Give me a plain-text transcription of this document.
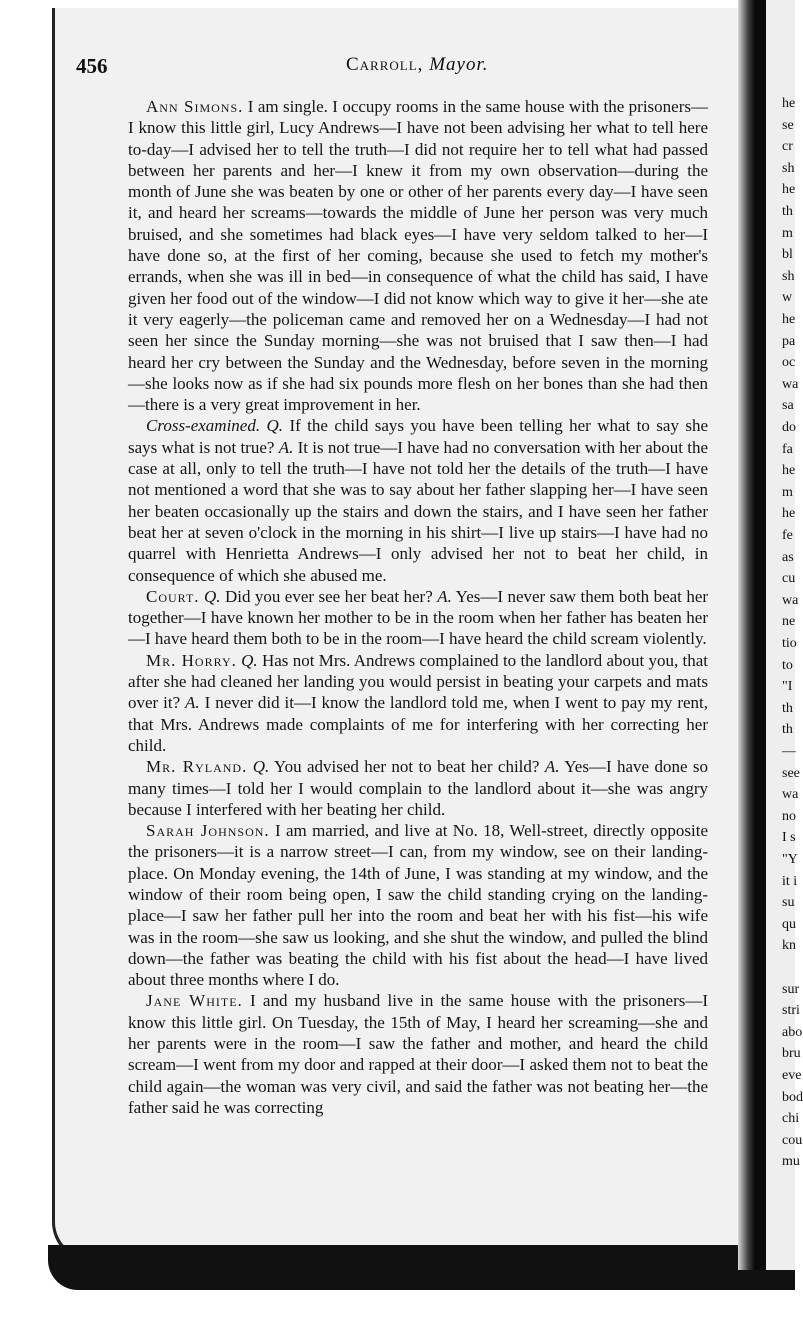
he
se
cr
sh
he
th
m
bl
sh
w
he
pa
oc
wa
sa
do
fa
he
m
he
fe
as
cu
wa
ne
tio
to
"I
th
th
—
see
wa
no
I s
"Y
it i
su
qu
kn
sur
stri
abo
bru
eve
bod
chi
cou
mu
456	Carroll, Mayor.

Ann Simons. I am single. I occupy rooms in the same house with the prisoners—I know this little girl, Lucy Andrews—I have not been advising her what to tell here to-day—I advised her to tell the truth—I did not require her to tell what had passed between her parents and her—I knew it from my own observation—during the month of June she was beaten by one or other of her parents every day—I have seen it, and heard her screams—towards the middle of June her person was very much bruised, and she sometimes had black eyes—I have very seldom talked to her—I have done so, at the first of her coming, because she used to fetch my mother's errands, when she was ill in bed—in consequence of what the child has said, I have given her food out of the window—I did not know which way to give it her—she ate it very eagerly—the policeman came and removed her on a Wednesday—I had not seen her since the Sunday morning—she was not bruised that I saw then—I had heard her cry between the Sunday and the Wednesday, before seven in the morning—she looks now as if she had six pounds more flesh on her bones than she had then—there is a very great improvement in her.

Cross-examined. Q. If the child says you have been telling her what to say she says what is not true? A. It is not true—I have had no conversation with her about the case at all, only to tell the truth—I have not told her the details of the truth—I have not mentioned a word that she was to say about her father slapping her—I have seen her beaten occasionally up the stairs and down the stairs, and I have seen her father beat her at seven o'clock in the morning in his shirt—I live up stairs—I have had no quarrel with Henrietta Andrews—I only advised her not to beat her child, in consequence of which she abused me.

Court. Q. Did you ever see her beat her? A. Yes—I never saw them both beat her together—I have known her mother to be in the room when her father has beaten her—I have heard them both to be in the room—I have heard the child scream violently.

Mr. Horry. Q. Has not Mrs. Andrews complained to the landlord about you, that after she had cleaned her landing you would persist in beating your carpets and mats over it? A. I never did it—I know the landlord told me, when I went to pay my rent, that Mrs. Andrews made complaints of me for interfering with her correcting her child.

Mr. Ryland. Q. You advised her not to beat her child? A. Yes—I have done so many times—I told her I would complain to the landlord about it—she was angry because I interfered with her beating her child.

Sarah Johnson. I am married, and live at No. 18, Well-street, directly opposite the prisoners—it is a narrow street—I can, from my window, see on their landing-place. On Monday evening, the 14th of June, I was standing at my window, and the window of their room being open, I saw the child standing crying on the landing-place—I saw her father pull her into the room and beat her with his fist—his wife was in the room—she saw us looking, and she shut the window, and pulled the blind down—the father was beating the child with his fist about the head—I have lived about three months where I do.

Jane White. I and my husband live in the same house with the prisoners—I know this little girl. On Tuesday, the 15th of May, I heard her screaming—she and her parents were in the room—I saw the father and mother, and heard the child scream—I went from my door and rapped at their door—I asked them not to beat the child again—the woman was very civil, and said the father was not beating her—the father said he was correcting
